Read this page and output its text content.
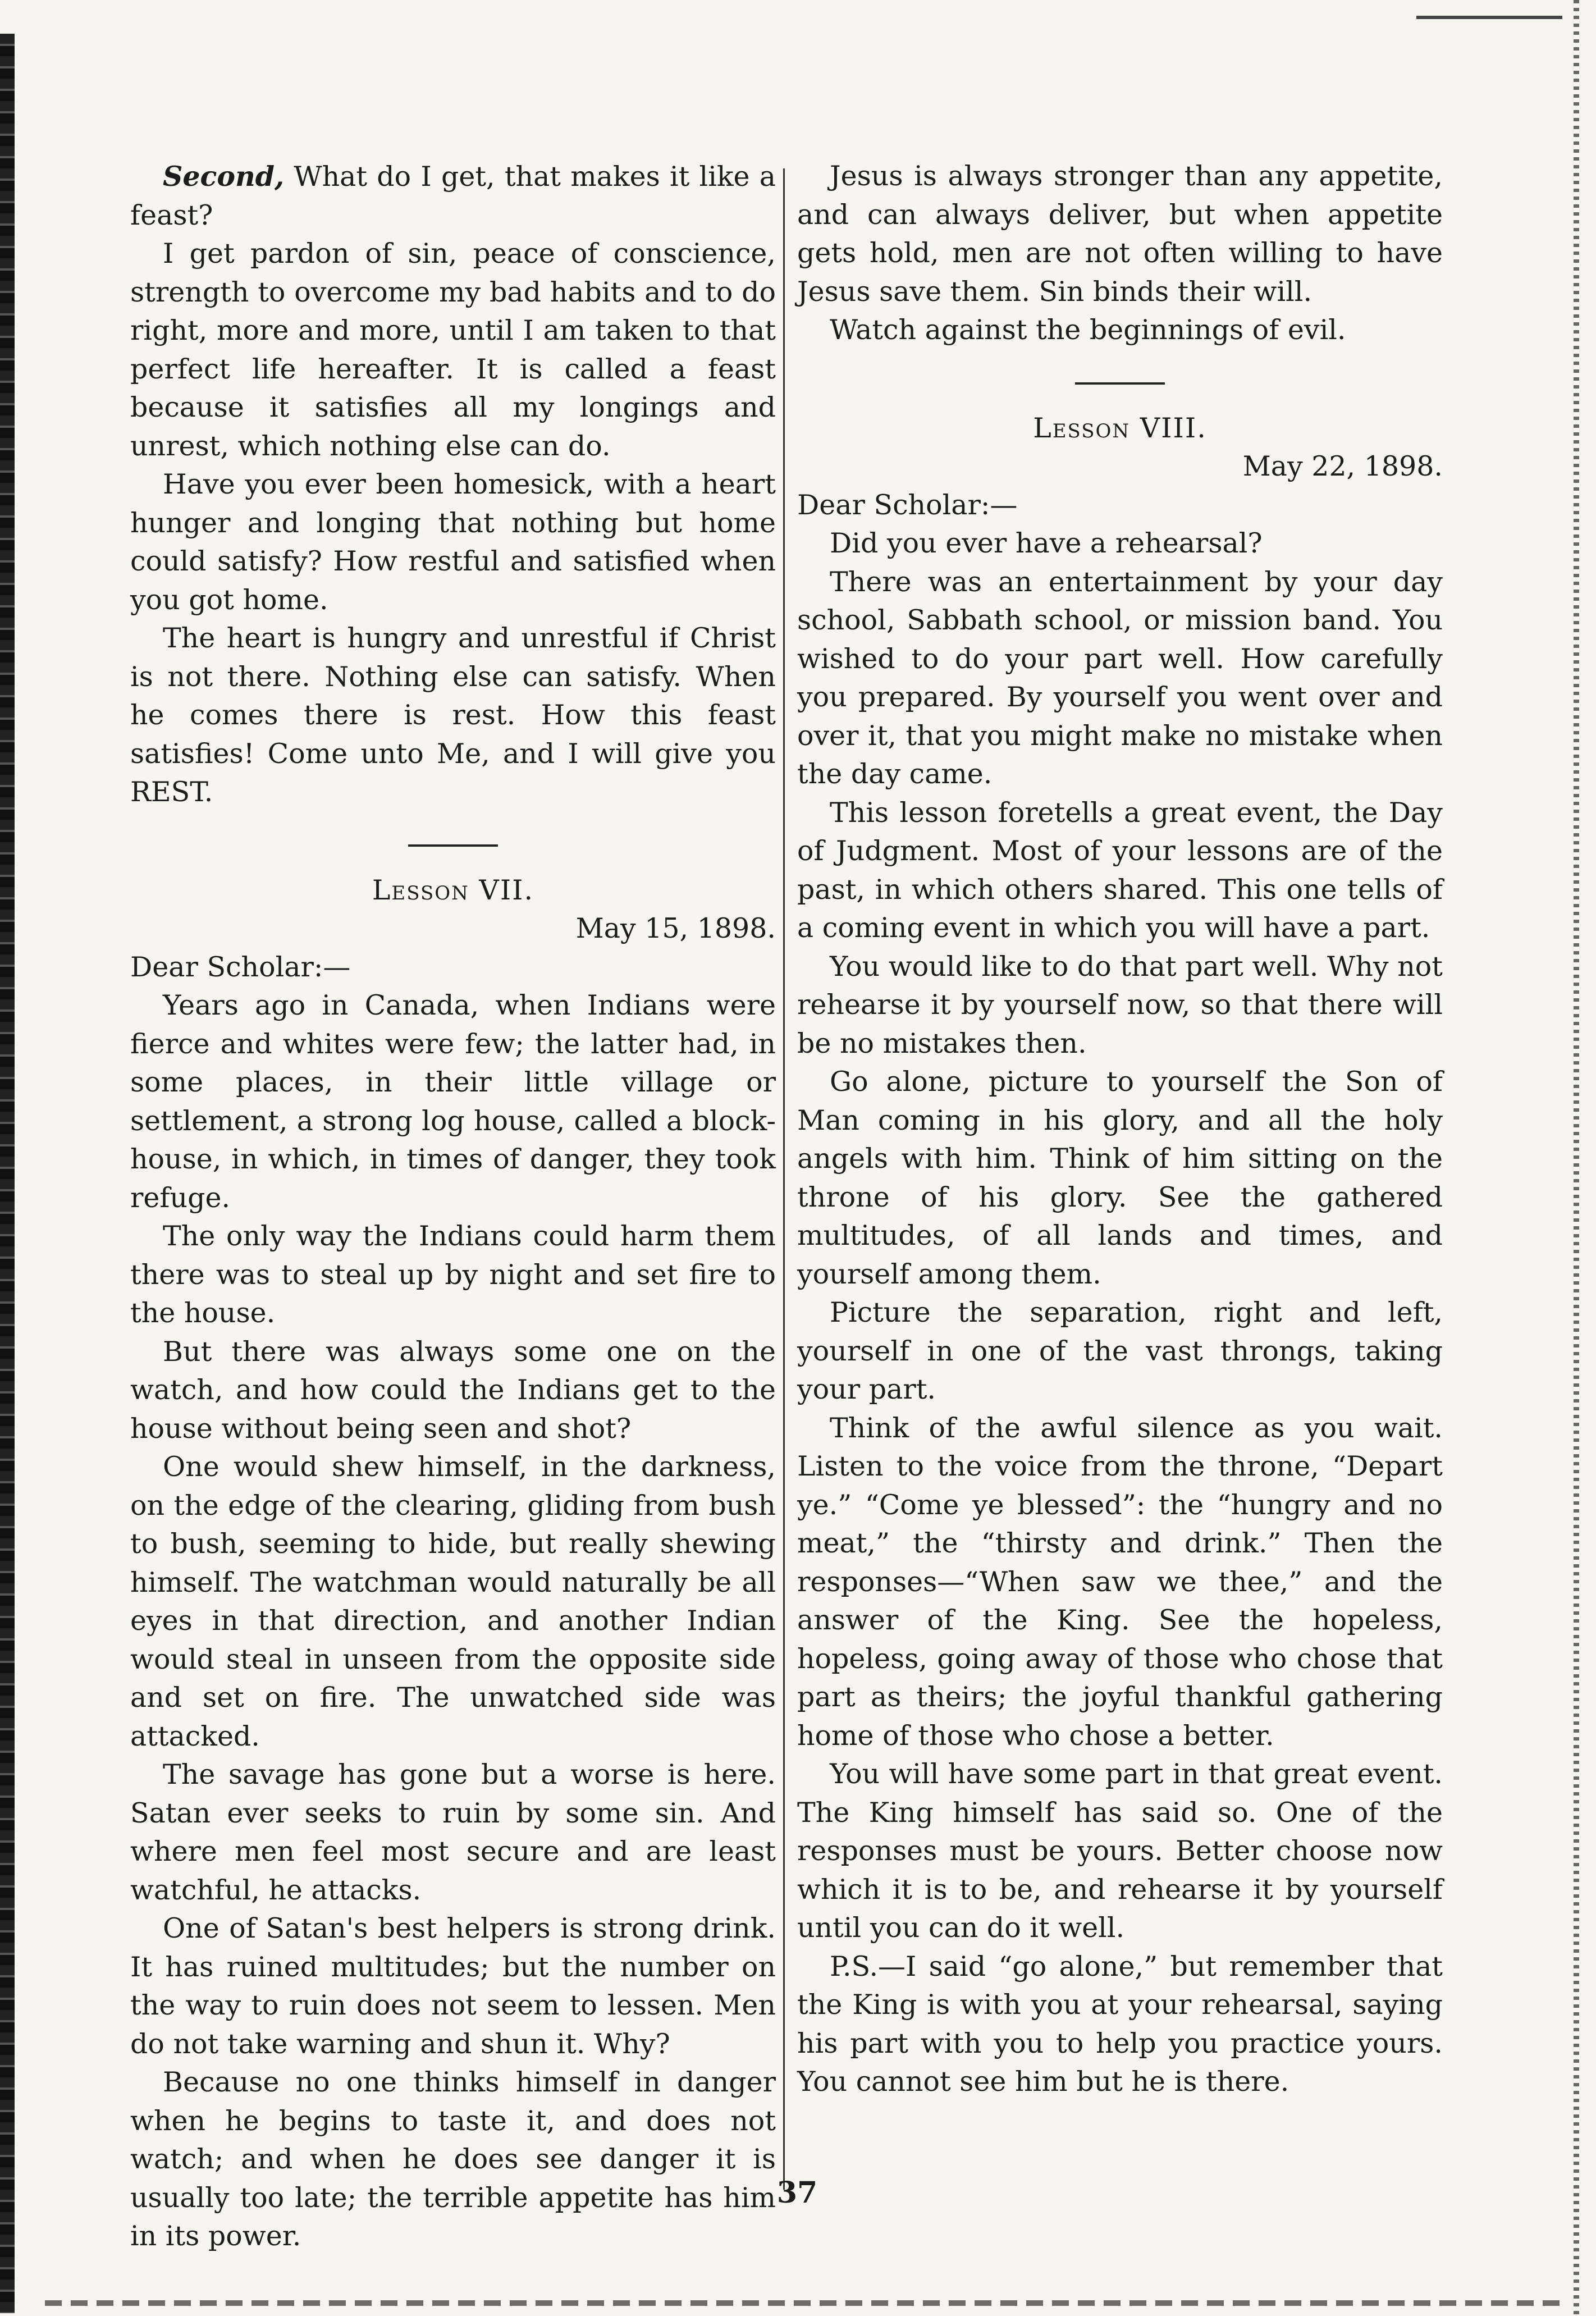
Second, What do I get, that makes it like a feast?

I get pardon of sin, peace of conscience, strength to overcome my bad habits and to do right, more and more, until I am taken to that perfect life hereafter. It is called a feast because it satisfies all my longings and unrest, which nothing else can do.

Have you ever been homesick, with a heart hunger and longing that nothing but home could satisfy? How restful and satisfied when you got home.

The heart is hungry and unrestful if Christ is not there. Nothing else can satisfy. When he comes there is rest. How this feast satisfies! Come unto Me, and I will give you REST.

Lesson VII.

May 15, 1898.

Dear Scholar:—

Years ago in Canada, when Indians were fierce and whites were few; the latter had, in some places, in their little village or settlement, a strong log house, called a block-house, in which, in times of danger, they took refuge.

The only way the Indians could harm them there was to steal up by night and set fire to the house.

But there was always some one on the watch, and how could the Indians get to the house without being seen and shot?

One would shew himself, in the darkness, on the edge of the clearing, gliding from bush to bush, seeming to hide, but really shewing himself. The watchman would naturally be all eyes in that direction, and another Indian would steal in unseen from the opposite side and set on fire. The unwatched side was attacked.

The savage has gone but a worse is here. Satan ever seeks to ruin by some sin. And where men feel most secure and are least watchful, he attacks.

One of Satan's best helpers is strong drink. It has ruined multitudes; but the number on the way to ruin does not seem to lessen. Men do not take warning and shun it. Why?

Because no one thinks himself in danger when he begins to taste it, and does not watch; and when he does see danger it is usually too late; the terrible appetite has him in its power.

Jesus is always stronger than any appetite, and can always deliver, but when appetite gets hold, men are not often willing to have Jesus save them. Sin binds their will.

Watch against the beginnings of evil.

Lesson VIII.

May 22, 1898.

Dear Scholar:—

Did you ever have a rehearsal?

There was an entertainment by your day school, Sabbath school, or mission band. You wished to do your part well. How carefully you prepared. By yourself you went over and over it, that you might make no mistake when the day came.

This lesson foretells a great event, the Day of Judgment. Most of your lessons are of the past, in which others shared. This one tells of a coming event in which you will have a part.

You would like to do that part well. Why not rehearse it by yourself now, so that there will be no mistakes then.

Go alone, picture to yourself the Son of Man coming in his glory, and all the holy angels with him. Think of him sitting on the throne of his glory. See the gathered multitudes, of all lands and times, and yourself among them.

Picture the separation, right and left, yourself in one of the vast throngs, taking your part.

Think of the awful silence as you wait. Listen to the voice from the throne, “Depart ye.” “Come ye blessed”: the “hungry and no meat,” the “thirsty and drink.” Then the responses—“When saw we thee,” and the answer of the King. See the hopeless, hopeless, going away of those who chose that part as theirs; the joyful thankful gathering home of those who chose a better.

You will have some part in that great event. The King himself has said so. One of the responses must be yours. Better choose now which it is to be, and rehearse it by yourself until you can do it well.

P.S.—I said “go alone,” but remember that the King is with you at your rehearsal, saying his part with you to help you practice yours. You cannot see him but he is there.

37
